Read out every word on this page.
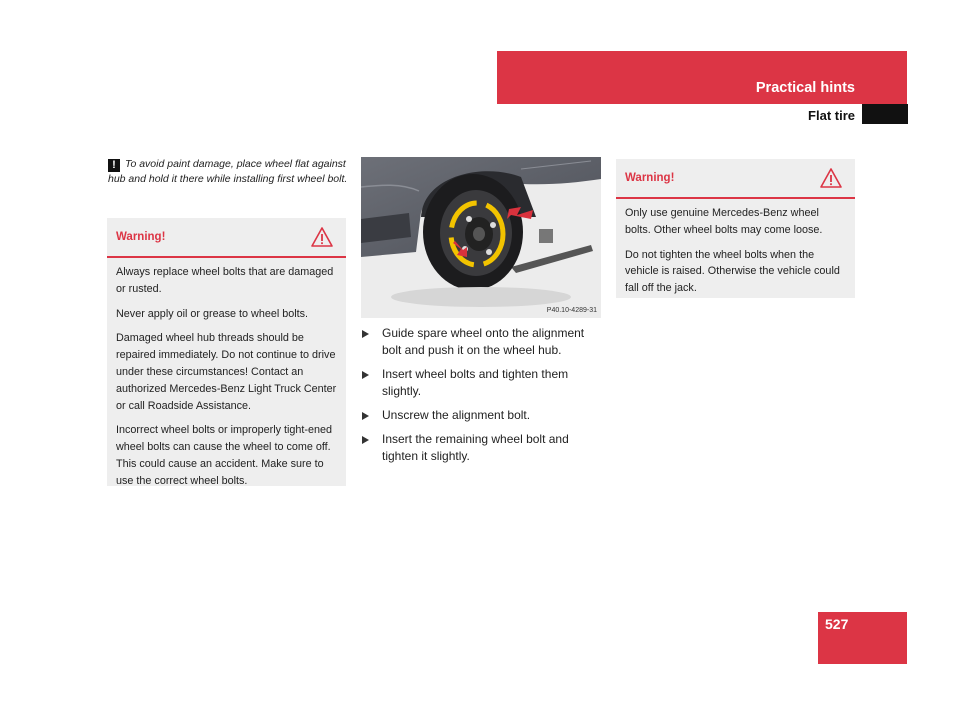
Practical hints
Flat tire
! To avoid paint damage, place wheel flat against hub and hold it there while installing first wheel bolt.
Warning!

Always replace wheel bolts that are damaged or rusted.

Never apply oil or grease to wheel bolts.

Damaged wheel hub threads should be repaired immediately. Do not continue to drive under these circumstances! Contact an authorized Mercedes-Benz Light Truck Center or call Roadside Assistance.

Incorrect wheel bolts or improperly tight-ened wheel bolts can cause the wheel to come off. This could cause an accident. Make sure to use the correct wheel bolts.

P40.10-4289-31
Guide spare wheel onto the alignment bolt and push it on the wheel hub.
Insert wheel bolts and tighten them slightly.
Unscrew the alignment bolt.
Insert the remaining wheel bolt and tighten it slightly.
Warning!

Only use genuine Mercedes-Benz wheel bolts. Other wheel bolts may come loose.

Do not tighten the wheel bolts when the vehicle is raised. Otherwise the vehicle could fall off the jack.

527
